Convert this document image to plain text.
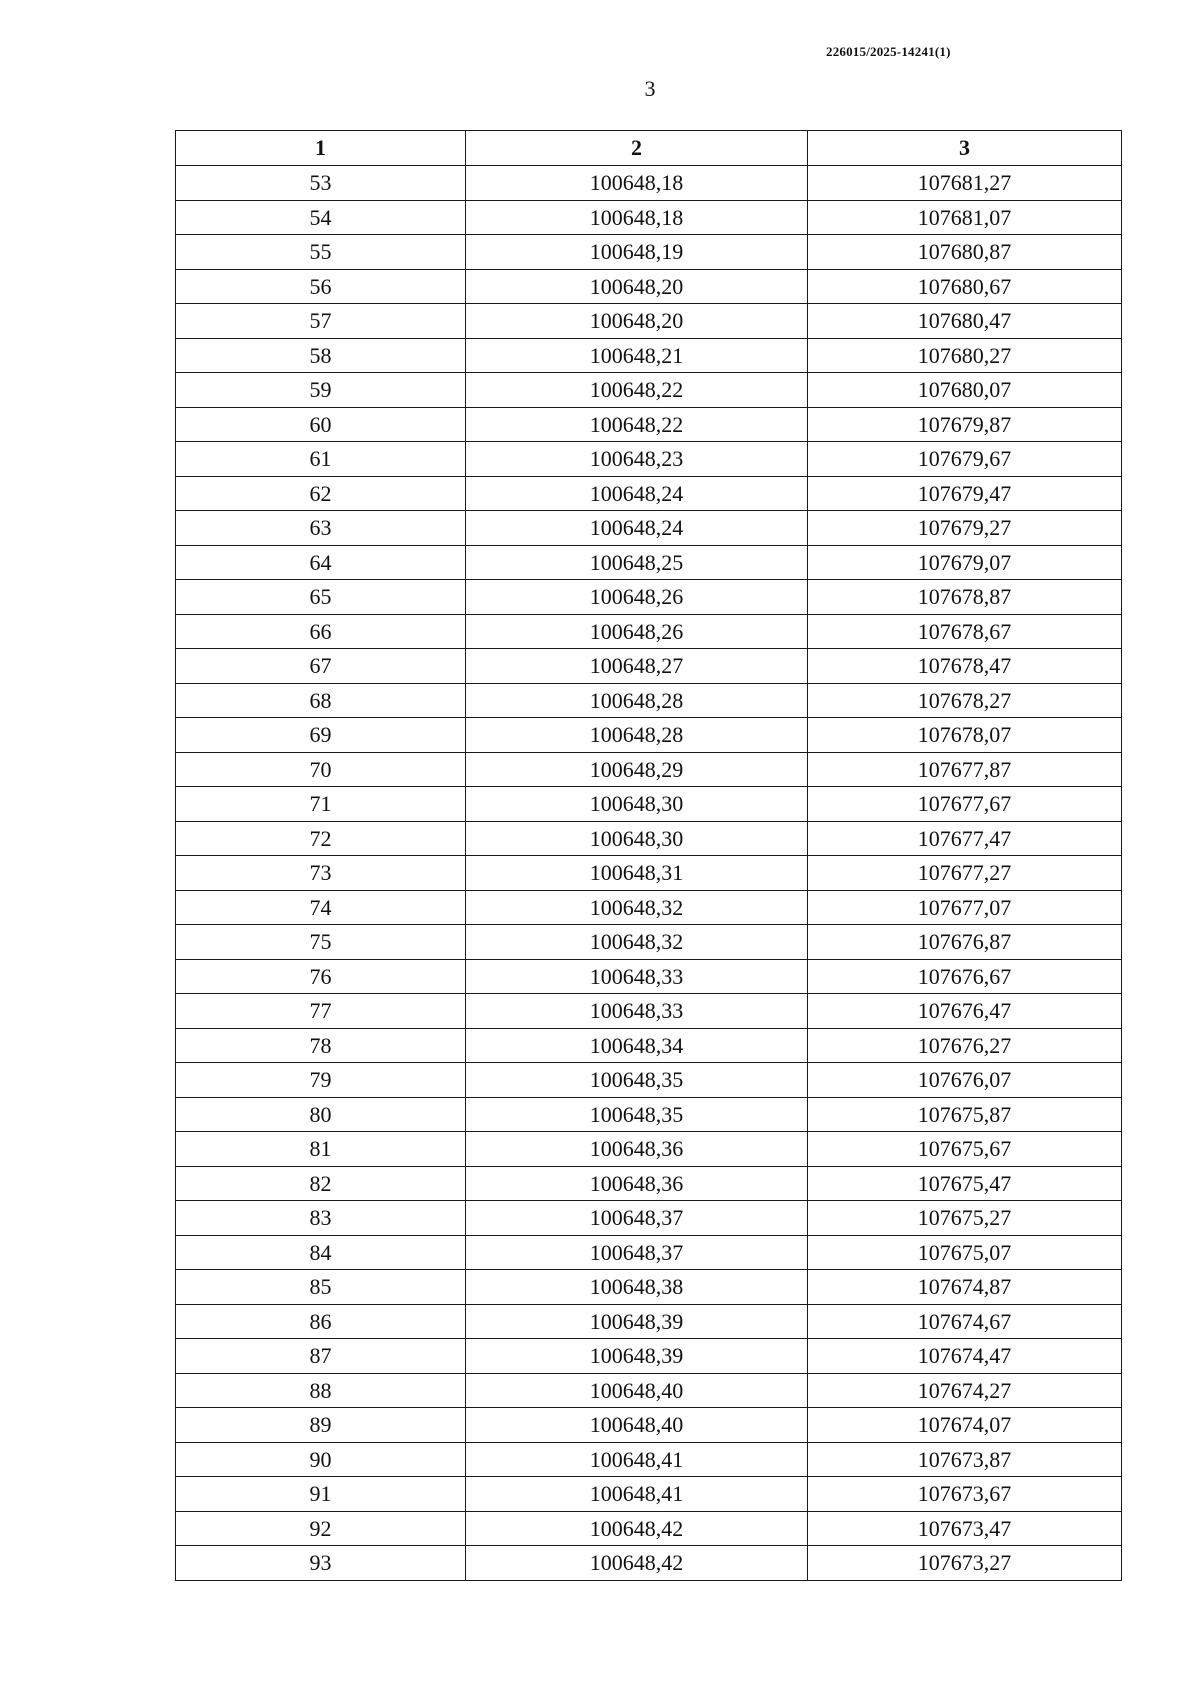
226015/2025-14241(1)
3
1	2	3
53	100648,18	107681,27
54	100648,18	107681,07
55	100648,19	107680,87
56	100648,20	107680,67
57	100648,20	107680,47
58	100648,21	107680,27
59	100648,22	107680,07
60	100648,22	107679,87
61	100648,23	107679,67
62	100648,24	107679,47
63	100648,24	107679,27
64	100648,25	107679,07
65	100648,26	107678,87
66	100648,26	107678,67
67	100648,27	107678,47
68	100648,28	107678,27
69	100648,28	107678,07
70	100648,29	107677,87
71	100648,30	107677,67
72	100648,30	107677,47
73	100648,31	107677,27
74	100648,32	107677,07
75	100648,32	107676,87
76	100648,33	107676,67
77	100648,33	107676,47
78	100648,34	107676,27
79	100648,35	107676,07
80	100648,35	107675,87
81	100648,36	107675,67
82	100648,36	107675,47
83	100648,37	107675,27
84	100648,37	107675,07
85	100648,38	107674,87
86	100648,39	107674,67
87	100648,39	107674,47
88	100648,40	107674,27
89	100648,40	107674,07
90	100648,41	107673,87
91	100648,41	107673,67
92	100648,42	107673,47
93	100648,42	107673,27
